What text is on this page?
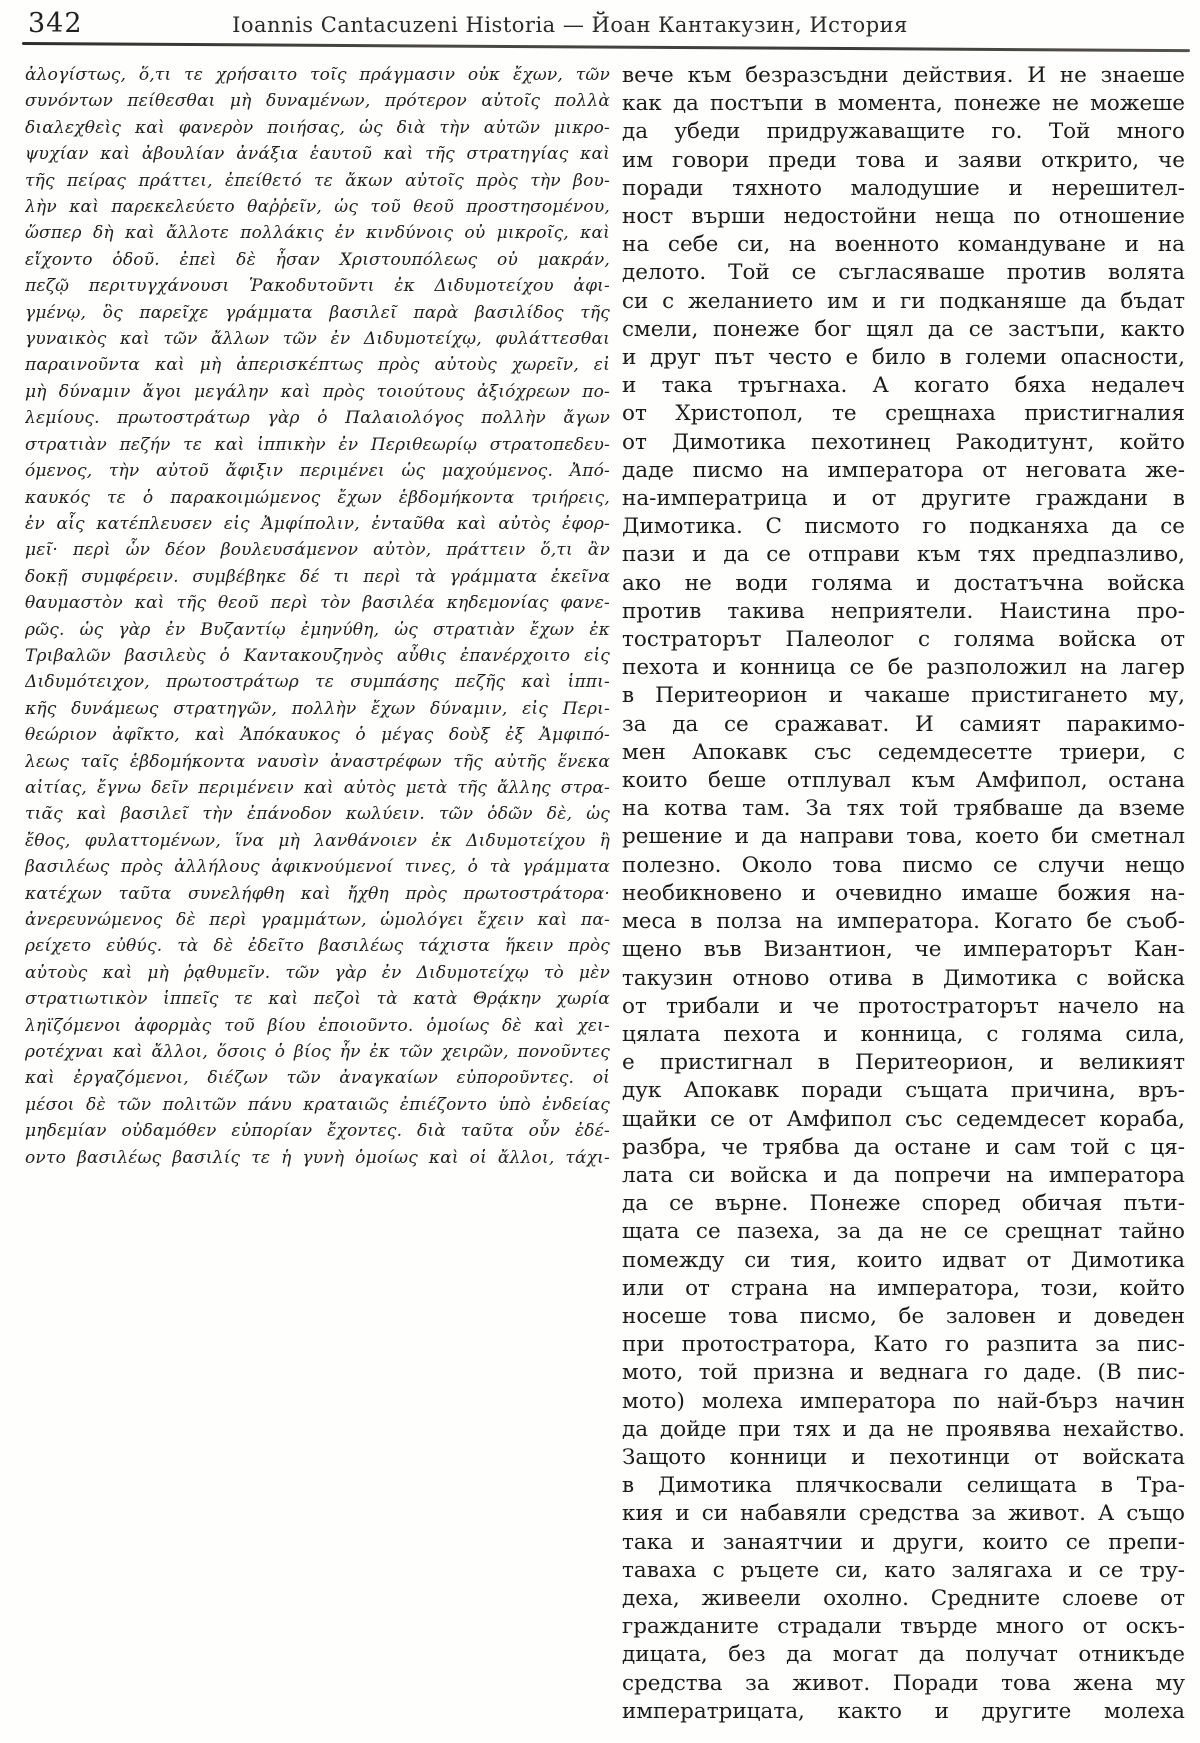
342	Ioannis Cantacuzeni Historia — Йоан Кантакузин, История
ἀλογίστως, ὅ,τι τε χρήσαιτο τοῖς πράγμασιν οὐκ ἔχων, τῶν
συνόντων πείθεσθαι μὴ δυναμένων, πρότερον αὐτοῖς πολλὰ
διαλεχθεὶς καὶ φανερὸν ποιήσας, ὡς διὰ τὴν αὐτῶν μικρο-
ψυχίαν καὶ ἀβουλίαν ἀνάξια ἑαυτοῦ καὶ τῆς στρατηγίας καὶ
τῆς πείρας πράττει, ἐπείθετό τε ἄκων αὐτοῖς πρὸς τὴν βου-
λὴν καὶ παρεκελεύετο θαῤῥεῖν, ὡς τοῦ θεοῦ προστησομένου,
ὥσπερ δὴ καὶ ἄλλοτε πολλάκις ἐν κινδύνοις οὐ μικροῖς, καὶ
εἴχοντο ὁδοῦ. ἐπεὶ δὲ ἦσαν Χριστουπόλεως οὐ μακράν,
πεζῷ περιτυγχάνουσι Ῥακοδυτοῦντι ἐκ Διδυμοτείχου ἀφι-
γμένῳ, ὃς παρεῖχε γράμματα βασιλεῖ παρὰ βασιλίδος τῆς
γυναικὸς καὶ τῶν ἄλλων τῶν ἐν Διδυμοτείχῳ, φυλάττεσθαι
παραινοῦντα καὶ μὴ ἀπερισκέπτως πρὸς αὐτοὺς χωρεῖν, εἰ
μὴ δύναμιν ἄγοι μεγάλην καὶ πρὸς τοιούτους ἀξιόχρεων πο-
λεμίους. πρωτοστράτωρ γὰρ ὁ Παλαιολόγος πολλὴν ἄγων
στρατιὰν πεζήν τε καὶ ἱππικὴν ἐν Περιθεωρίῳ στρατοπεδευ-
όμενος, τὴν αὐτοῦ ἄφιξιν περιμένει ὡς μαχούμενος. Ἀπό-
καυκός τε ὁ παρακοιμώμενος ἔχων ἑβδομήκοντα τριήρεις,
ἐν αἷς κατέπλευσεν εἰς Ἀμφίπολιν, ἐνταῦθα καὶ αὐτὸς ἐφορ-
μεῖ· περὶ ὧν δέον βουλευσάμενον αὐτὸν, πράττειν ὅ,τι ἂν
δοκῇ συμφέρειν. συμβέβηκε δέ τι περὶ τὰ γράμματα ἐκεῖνα
θαυμαστὸν καὶ τῆς θεοῦ περὶ τὸν βασιλέα κηδεμονίας φανε-
ρῶς. ὡς γὰρ ἐν Βυζαντίῳ ἐμηνύθη, ὡς στρατιὰν ἔχων ἐκ
Τριβαλῶν βασιλεὺς ὁ Καντακουζηνὸς αὖθις ἐπανέρχοιτο εἰς
Διδυμότειχον, πρωτοστράτωρ τε συμπάσης πεζῆς καὶ ἱππι-
κῆς δυνάμεως στρατηγῶν, πολλὴν ἔχων δύναμιν, εἰς Περι-
θεώριον ἀφῖκτο, καὶ Ἀπόκαυκος ὁ μέγας δοὺξ ἐξ Ἀμφιπό-
λεως ταῖς ἑβδομήκοντα ναυσὶν ἀναστρέφων τῆς αὐτῆς ἕνεκα
αἰτίας, ἔγνω δεῖν περιμένειν καὶ αὐτὸς μετὰ τῆς ἄλλης στρα-
τιᾶς καὶ βασιλεῖ τὴν ἐπάνοδον κωλύειν. τῶν ὁδῶν δὲ, ὡς
ἔθος, φυλαττομένων, ἵνα μὴ λανθάνοιεν ἐκ Διδυμοτείχου ἢ
βασιλέως πρὸς ἀλλήλους ἀφικνούμενοί τινες, ὁ τὰ γράμματα
κατέχων ταῦτα συνελήφθη καὶ ἤχθη πρὸς πρωτοστράτορα·
ἀνερευνώμενος δὲ περὶ γραμμάτων, ὡμολόγει ἔχειν καὶ πα-
ρείχετο εὐθύς. τὰ δὲ ἐδεῖτο βασιλέως τάχιστα ἥκειν πρὸς
αὐτοὺς καὶ μὴ ῥᾳθυμεῖν. τῶν γὰρ ἐν Διδυμοτείχῳ τὸ μὲν
στρατιωτικὸν ἱππεῖς τε καὶ πεζοὶ τὰ κατὰ Θρᾴκην χωρία
ληϊζόμενοι ἀφορμὰς τοῦ βίου ἐποιοῦντο. ὁμοίως δὲ καὶ χει-
ροτέχναι καὶ ἄλλοι, ὅσοις ὁ βίος ἦν ἐκ τῶν χειρῶν, πονοῦντες
καὶ ἐργαζόμενοι, διέζων τῶν ἀναγκαίων εὐποροῦντες. οἱ
μέσοι δὲ τῶν πολιτῶν πάνυ κραταιῶς ἐπιέζοντο ὑπὸ ἐνδείας
μηδεμίαν οὐδαμόθεν εὐπορίαν ἔχοντες. διὰ ταῦτα οὖν ἐδέ-
οντο βασιλέως βασιλίς τε ἡ γυνὴ ὁμοίως καὶ οἱ ἄλλοι, τάχι-
вече към безразсъдни действия. И не знаеше
как да постъпи в момента, понеже не можеше
да убеди придружаващите го. Той много
им говори преди това и заяви открито, че
поради тяхното малодушие и нерешител-
ност върши недостойни неща по отношение
на себе си, на военното командуване и на
делото. Той се съгласяваше против волята
си с желанието им и ги подканяше да бъдат
смели, понеже бог щял да се застъпи, както
и друг път често е било в големи опасности,
и така тръгнаха. А когато бяха недалеч
от Христопол, те срещнаха пристигналия
от Димотика пехотинец Ракодитунт, който
даде писмо на императора от неговата же-
на-императрица и от другите граждани в
Димотика. С писмото го подканяха да се
пази и да се отправи към тях предпазливо,
ако не води голяма и достатъчна войска
против такива неприятели. Наистина про-
тостраторът Палеолог с голяма войска от
пехота и конница се бе разположил на лагер
в Перитеорион и чакаше пристигането му,
за да се сражават. И самият паракимо-
мен Апокавк със седемдесетте триери, с
които беше отплувал към Амфипол, остана
на котва там. За тях той трябваше да вземе
решение и да направи това, което би сметнал
полезно. Около това писмо се случи нещо
необикновено и очевидно имаше божия на-
меса в полза на императора. Когато бе съоб-
щено във Византион, че императорът Кан-
такузин отново отива в Димотика с войска
от трибали и че протостраторът начело на
цялата пехота и конница, с голяма сила,
е пристигнал в Перитеорион, и великият
дук Апокавк поради същата причина, връ-
щайки се от Амфипол със седемдесет кораба,
разбра, че трябва да остане и сам той с ця-
лата си войска и да попречи на императора
да се върне. Понеже според обичая пъти-
щата се пазеха, за да не се срещнат тайно
помежду си тия, които идват от Димотика
или от страна на императора, този, който
носеше това писмо, бе заловен и доведен
при протостратора, Като го разпита за пис-
мото, той призна и веднага го даде. (В пис-
мото) молеха императора по най-бърз начин
да дойде при тях и да не проявява нехайство.
Защото конници и пехотинци от войската
в Димотика плячкосвали селищата в Тра-
кия и си набавяли средства за живот. А също
така и занаятчии и други, които се препи-
таваха с ръцете си, като залягаха и се тру-
деха, живеели охолно. Средните слоеве от
гражданите страдали твърде много от оскъ-
дицата, без да могат да получат отникъде
средства за живот. Поради това жена му
императрицата, както и другите молеха
